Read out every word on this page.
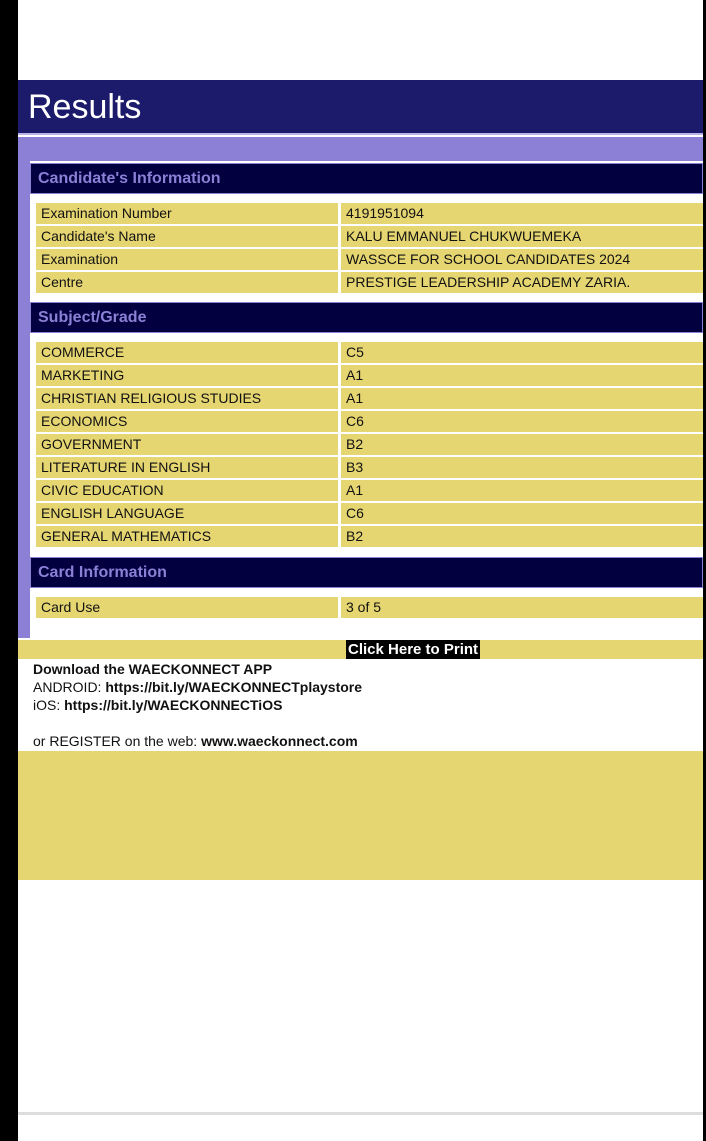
Results
Candidate's Information
Subject/Grade
Card Information
Examination Number	4191951094
Candidate's Name	KALU EMMANUEL CHUKWUEMEKA
Examination	WASSCE FOR SCHOOL CANDIDATES 2024
Centre	PRESTIGE LEADERSHIP ACADEMY ZARIA.
COMMERCE	C5
MARKETING	A1
CHRISTIAN RELIGIOUS STUDIES	A1
ECONOMICS	C6
GOVERNMENT	B2
LITERATURE IN ENGLISH	B3
CIVIC EDUCATION	A1
ENGLISH LANGUAGE	C6
GENERAL MATHEMATICS	B2
Card Use	3 of 5
Click Here to Print
Download the WAECKONNECT APP
ANDROID: https://bit.ly/WAECKONNECTplaystore
iOS: https://bit.ly/WAECKONNECTiOS
or REGISTER on the web: www.waeckonnect.com
